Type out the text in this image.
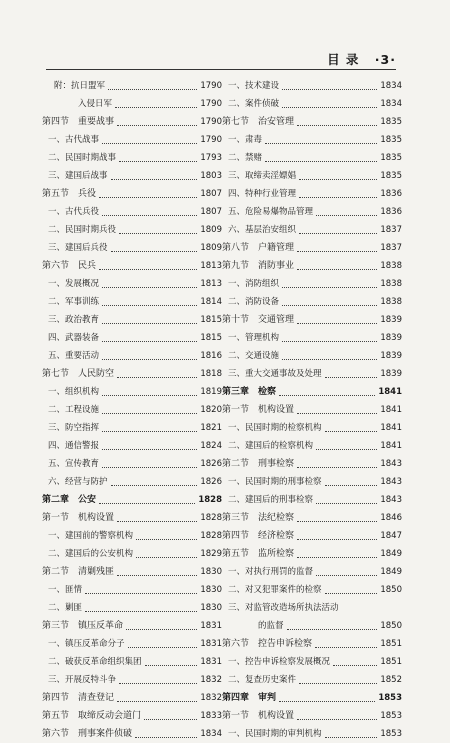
目 录 ·3·
附：抗日盟军	1790
入侵日军	1790
第四节　重要战事	1790
一、古代战事	1790
二、民国时期战事	1793
三、建国后战事	1803
第五节　兵役	1807
一、古代兵役	1807
二、民国时期兵役	1809
三、建国后兵役	1809
第六节　民兵	1813
一、发展概况	1813
二、军事训练	1814
三、政治教育	1815
四、武器装备	1815
五、重要活动	1816
第七节　人民防空	1818
一、组织机构	1819
二、工程设施	1820
三、防空指挥	1821
四、通信警报	1824
五、宣传教育	1826
六、经营与防护	1826
第二章　公安	1828
第一节　机构设置	1828
一、建国前的警察机构	1828
二、建国后的公安机构	1829
第二节　清剿残匪	1830
一、匪情	1830
二、剿匪	1830
第三节　镇压反革命	1831
一、镇压反革命分子	1831
二、破获反革命组织集团	1831
三、开展反特斗争	1832
第四节　清查登记	1832
第五节　取缔反动会道门	1833
第六节　刑事案件侦破	1834
一、技术建设	1834
二、案件侦破	1834
第七节　治安管理	1835
一、肃毒	1835
二、禁赌	1835
三、取缔卖淫嫖娼	1835
四、特种行业管理	1836
五、危险易爆物品管理	1836
六、基层治安组织	1837
第八节　户籍管理	1837
第九节　消防事业	1838
一、消防组织	1838
二、消防设备	1838
第十节　交通管理	1839
一、管理机构	1839
二、交通设施	1839
三、重大交通事故及处理	1839
第三章　检察	1841
第一节　机构设置	1841
一、民国时期的检察机构	1841
二、建国后的检察机构	1841
第二节　刑事检察	1843
一、民国时期的刑事检察	1843
二、建国后的刑事检察	1843
第三节　法纪检察	1846
第四节　经济检察	1847
第五节　监所检察	1849
一、对执行刑罚的监督	1849
二、对又犯罪案件的检察	1850
三、对监管改造场所执法活动
的监督	1850
第六节　控告申诉检察	1851
一、控告申诉检察发展概况	1851
二、复查历史案件	1852
第四章　审判	1853
第一节　机构设置	1853
一、民国时期的审判机构	1853
